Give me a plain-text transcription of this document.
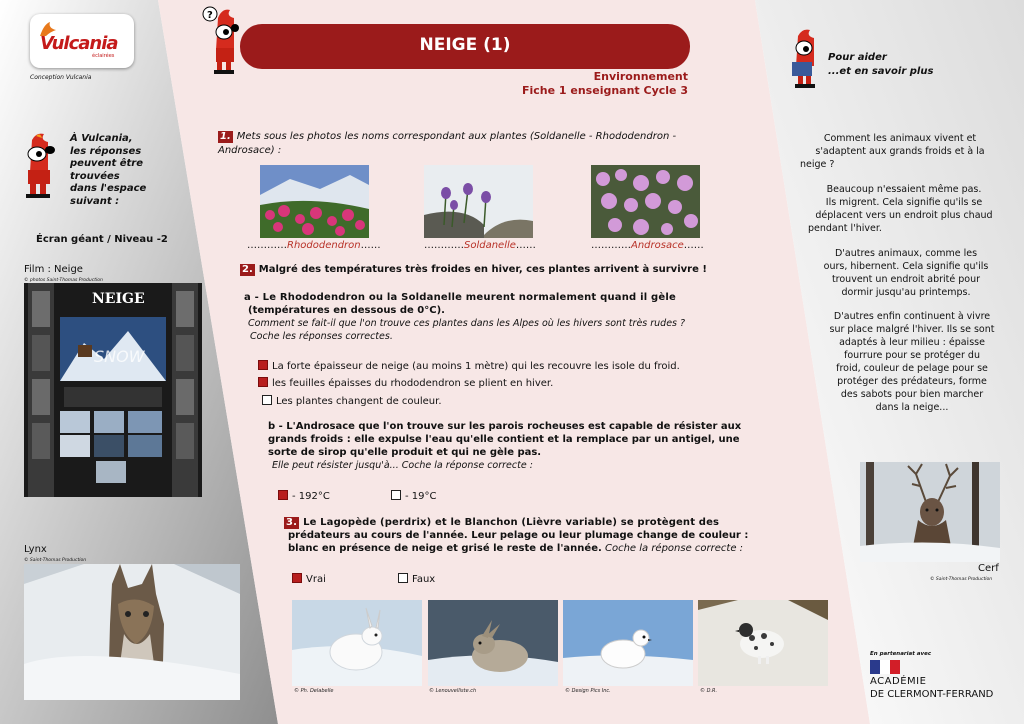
Vulcania
éclairées
Conception Vulcania
À Vulcania,
les réponses
peuvent être
trouvées
dans l'espace
suivant :
Écran géant / Niveau -2
Film : Neige
© photos Saint-Thomas Production
NEIGE
SNOW
Lynx
© Saint-Thomas Production
?
NEIGE (1)
Environnement
Fiche 1 enseignant Cycle 3
1. Mets sous les photos les noms correspondant aux plantes (Soldanelle - Rhododendron -
Androsace) :
…………Rhododendron……	…………Soldanelle……	…………Androsace……
2. Malgré des températures très froides en hiver, ces plantes arrivent à survivre !
a - Le Rhododendron ou la Soldanelle meurent normalement quand il gèle
(températures en dessous de 0°C).
Comment se fait-il que l'on trouve ces plantes dans les Alpes où les hivers sont très rudes ?
Coche les réponses correctes.
La forte épaisseur de neige (au moins 1 mètre) qui les recouvre les isole du froid.
les feuilles épaisses du rhododendron se plient en hiver.
Les plantes changent de couleur.
b - L'Androsace que l'on trouve sur les parois rocheuses est capable de résister aux
grands froids : elle expulse l'eau qu'elle contient et la remplace par un antigel, une
sorte de sirop qu'elle produit et qui ne gèle pas.
Elle peut résister jusqu'à... Coche la réponse correcte :
- 192°C	- 19°C
3. Le Lagopède (perdrix) et le Blanchon (Lièvre variable) se protègent des
prédateurs au cours de l'année. Leur pelage ou leur plumage change de couleur :
blanc en présence de neige et grisé le reste de l'année. Coche la réponse correcte :
Vrai	Faux
© Ph. Delabelle	© Lenouvelliste.ch	© Design Pics Inc.	© D.R.
Pour aider
...et en savoir plus
Comment les animaux vivent et
s'adaptent aux grands froids et à la
neige ?
Beaucoup n'essaient même pas.
Ils migrent. Cela signifie qu'ils se
déplacent vers un endroit plus chaud
pendant l'hiver.
D'autres animaux, comme les
ours, hibernent. Cela signifie qu'ils
trouvent un endroit abrité pour
dormir jusqu'au printemps.
D'autres enfin continuent à vivre
sur place malgré l'hiver. Ils se sont
adaptés à leur milieu : épaisse
fourrure pour se protéger du
froid, couleur de pelage pour se
protéger des prédateurs, forme
des sabots pour bien marcher
dans la neige...
Cerf
© Saint-Thomas Production
En partenariat avec
ACADÉMIE
DE CLERMONT-FERRAND
